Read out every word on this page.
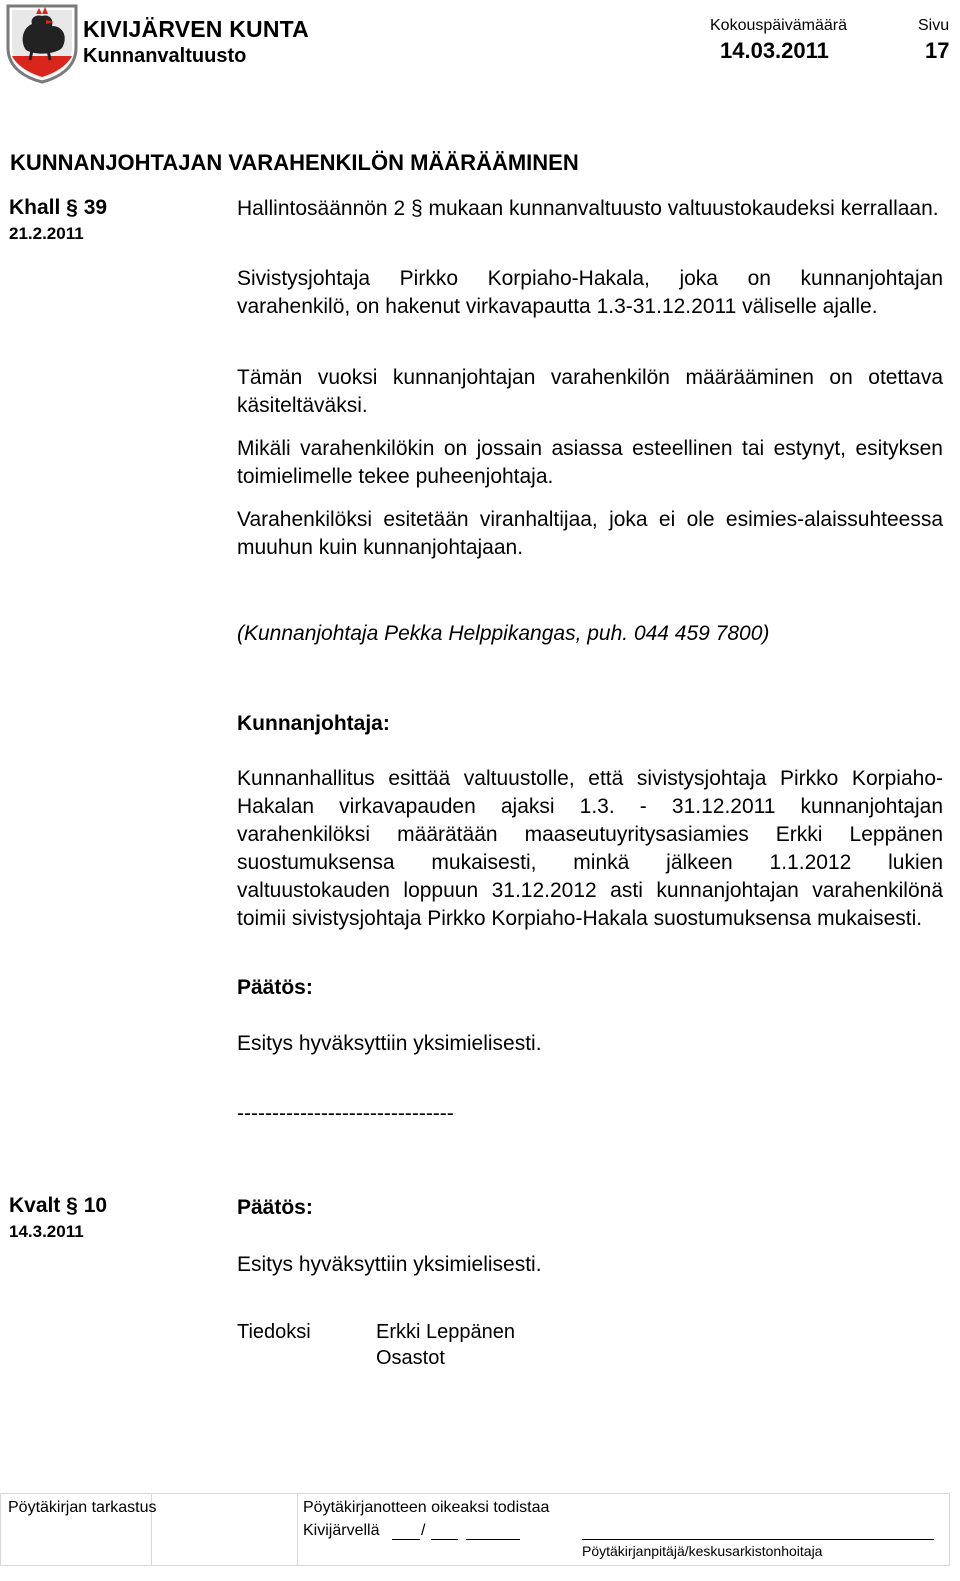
KIVIJÄRVEN KUNTA
Kunnanvaltuusto
Kokouspäivämäärä
14.03.2011
Sivu
17
KUNNANJOHTAJAN VARAHENKILÖN MÄÄRÄÄMINEN
Khall § 39
21.2.2011
Hallintosäännön 2 § mukaan kunnanvaltuusto valtuustokaudeksi kerrallaan.
Sivistysjohtaja Pirkko Korpiaho-Hakala, joka on kunnanjohtajan varahenkilö, on hakenut virkavapautta 1.3-31.12.2011 väliselle ajalle.
Tämän vuoksi kunnanjohtajan varahenkilön määrääminen on otettava käsiteltäväksi.
Mikäli varahenkilökin on jossain asiassa esteellinen tai estynyt, esityksen toimielimelle tekee puheenjohtaja.
Varahenkilöksi esitetään viranhaltijaa, joka ei ole esimies-alaissuhteessa muuhun kuin kunnanjohtajaan.
(Kunnanjohtaja Pekka Helppikangas, puh. 044 459 7800)
Kunnanjohtaja:
Kunnanhallitus esittää valtuustolle, että sivistysjohtaja Pirkko Korpiaho-Hakalan virkavapauden ajaksi 1.3. - 31.12.2011 kunnanjohtajan varahenkilöksi määrätään maaseutuyritysasiamies Erkki Leppänen suostumuksensa mukaisesti, minkä jälkeen 1.1.2012 lukien valtuustokauden loppuun 31.12.2012 asti kunnanjohtajan varahenkilönä toimii sivistysjohtaja Pirkko Korpiaho-Hakala suostumuksensa mukaisesti.
Päätös:
Esitys hyväksyttiin yksimielisesti.
-------------------------------
Kvalt § 10
14.3.2011
Päätös:
Esitys hyväksyttiin yksimielisesti.
Tiedoksi	Erkki Leppänen
Osastot
Pöytäkirjan tarkastus	Pöytäkirjanotteen oikeaksi todistaa
Kivijärvellä	/
Pöytäkirjanpitäjä/keskusarkistonhoitaja
